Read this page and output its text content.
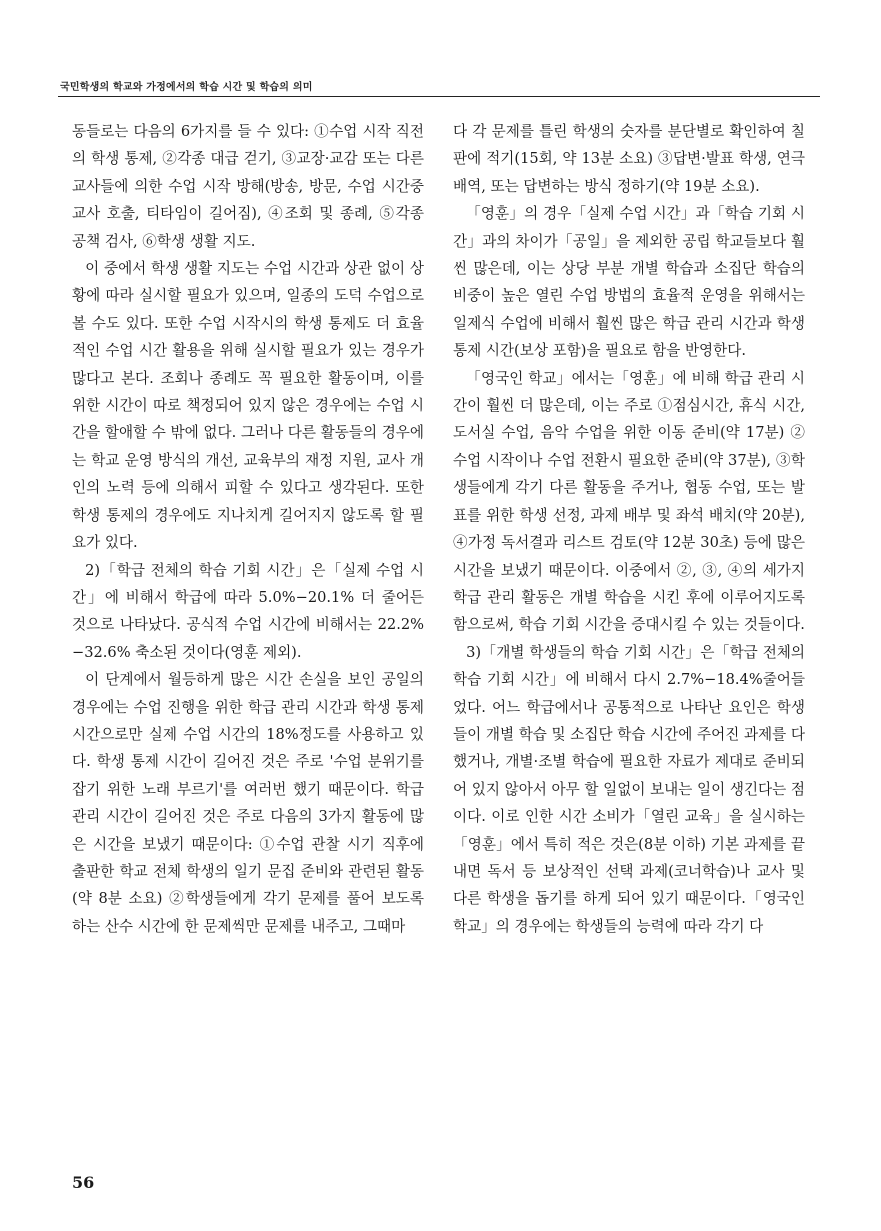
국민학생의 학교와 가정에서의 학습 시간 및 학습의 의미

동들로는 다음의 6가지를 들 수 있다: ①수업 시작 직전의 학생 통제, ②각종 대급 걷기, ③교장·교감 또는 다른 교사들에 의한 수업 시작 방해(방송, 방문, 수업 시간중 교사 호출, 티타임이 길어짐), ④조회 및 종례, ⑤각종 공책 검사, ⑥학생 생활 지도.

이 중에서 학생 생활 지도는 수업 시간과 상관 없이 상황에 따라 실시할 필요가 있으며, 일종의 도덕 수업으로 볼 수도 있다. 또한 수업 시작시의 학생 통제도 더 효율적인 수업 시간 활용을 위해 실시할 필요가 있는 경우가 많다고 본다. 조회나 종례도 꼭 필요한 활동이며, 이를 위한 시간이 따로 책정되어 있지 않은 경우에는 수업 시간을 할애할 수 밖에 없다. 그러나 다른 활동들의 경우에는 학교 운영 방식의 개선, 교육부의 재정 지원, 교사 개인의 노력 등에 의해서 피할 수 있다고 생각된다. 또한 학생 통제의 경우에도 지나치게 길어지지 않도록 할 필요가 있다.

2)「학급 전체의 학습 기회 시간」은「실제 수업 시간」에 비해서 학급에 따라 5.0%−20.1% 더 줄어든 것으로 나타났다. 공식적 수업 시간에 비해서는 22.2%−32.6% 축소된 것이다(영훈 제외).

이 단계에서 월등하게 많은 시간 손실을 보인 공일의 경우에는 수업 진행을 위한 학급 관리 시간과 학생 통제 시간으로만 실제 수업 시간의 18%정도를 사용하고 있다. 학생 통제 시간이 길어진 것은 주로 '수업 분위기를 잡기 위한 노래 부르기'를 여러번 했기 때문이다. 학급 관리 시간이 길어진 것은 주로 다음의 3가지 활동에 많은 시간을 보냈기 때문이다: ①수업 관찰 시기 직후에 출판한 학교 전체 학생의 일기 문집 준비와 관련된 활동(약 8분 소요) ②학생들에게 각기 문제를 풀어 보도록 하는 산수 시간에 한 문제씩만 문제를 내주고, 그때마

다 각 문제를 틀린 학생의 숫자를 분단별로 확인하여 칠판에 적기(15회, 약 13분 소요) ③답변·발표 학생, 연극 배역, 또는 답변하는 방식 정하기(약 19분 소요).

「영훈」의 경우「실제 수업 시간」과「학습 기회 시간」과의 차이가「공일」을 제외한 공립 학교들보다 훨씬 많은데, 이는 상당 부분 개별 학습과 소집단 학습의 비중이 높은 열린 수업 방법의 효율적 운영을 위해서는 일제식 수업에 비해서 훨씬 많은 학급 관리 시간과 학생 통제 시간(보상 포함)을 필요로 함을 반영한다.

「영국인 학교」에서는「영훈」에 비해 학급 관리 시간이 훨씬 더 많은데, 이는 주로 ①점심시간, 휴식 시간, 도서실 수업, 음악 수업을 위한 이동 준비(약 17분) ②수업 시작이나 수업 전환시 필요한 준비(약 37분), ③학생들에게 각기 다른 활동을 주거나, 협동 수업, 또는 발표를 위한 학생 선정, 과제 배부 및 좌석 배치(약 20분), ④가정 독서결과 리스트 검토(약 12분 30초) 등에 많은 시간을 보냈기 때문이다. 이중에서 ②, ③, ④의 세가지 학급 관리 활동은 개별 학습을 시킨 후에 이루어지도록 함으로써, 학습 기회 시간을 증대시킬 수 있는 것들이다.

3)「개별 학생들의 학습 기회 시간」은「학급 전체의 학습 기회 시간」에 비해서 다시 2.7%−18.4%줄어들었다. 어느 학급에서나 공통적으로 나타난 요인은 학생들이 개별 학습 및 소집단 학습 시간에 주어진 과제를 다 했거나, 개별·조별 학습에 필요한 자료가 제대로 준비되어 있지 않아서 아무 할 일없이 보내는 일이 생긴다는 점이다. 이로 인한 시간 소비가「열린 교육」을 실시하는「영훈」에서 특히 적은 것은(8분 이하) 기본 과제를 끝내면 독서 등 보상적인 선택 과제(코너학습)나 교사 및 다른 학생을 돕기를 하게 되어 있기 때문이다.「영국인 학교」의 경우에는 학생들의 능력에 따라 각기 다

56
